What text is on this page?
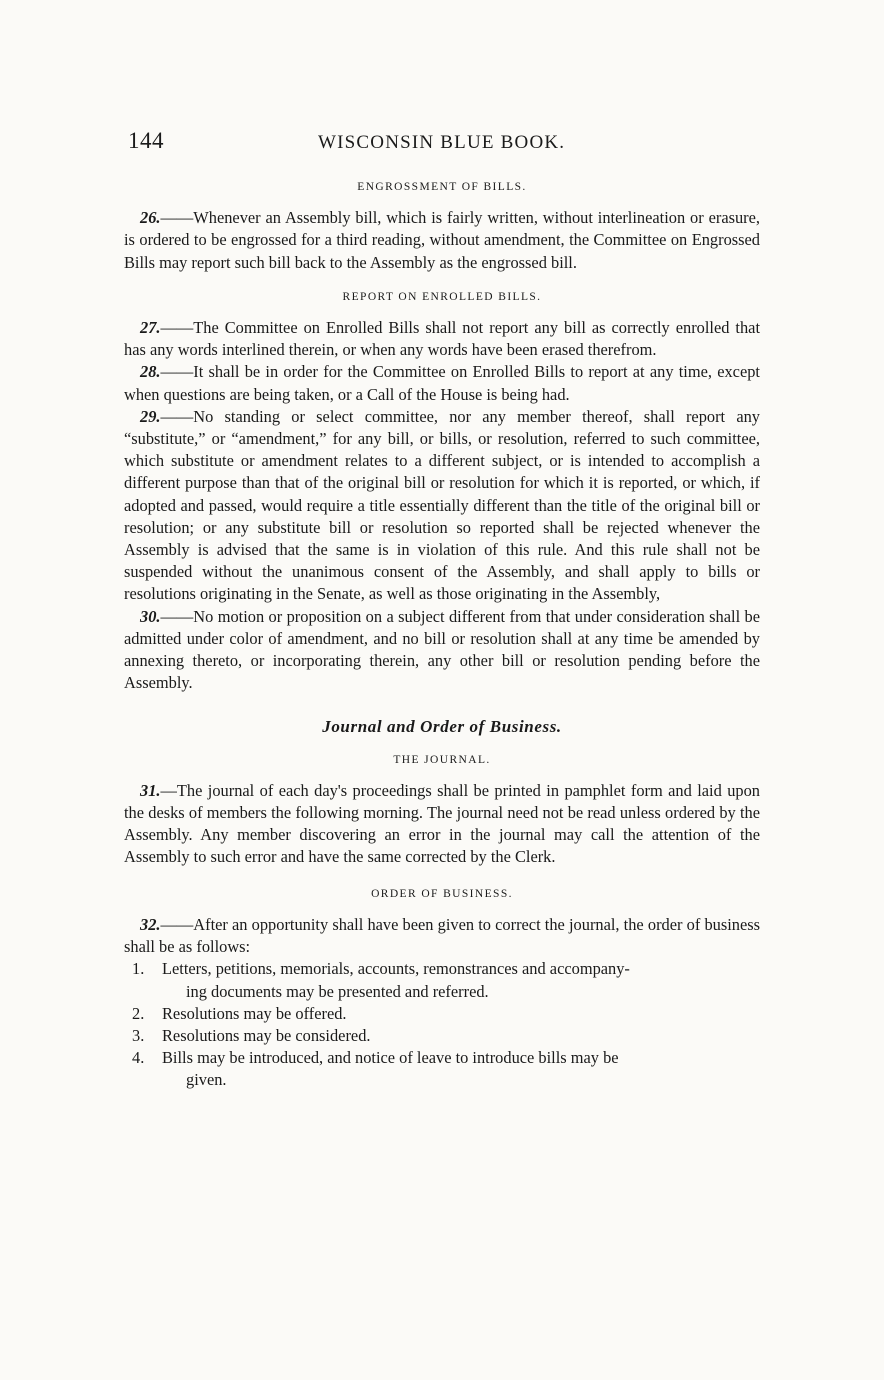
144	WISCONSIN BLUE BOOK.
ENGROSSMENT OF BILLS.

26.——Whenever an Assembly bill, which is fairly written, without interlineation or erasure, is ordered to be engrossed for a third reading, without amendment, the Committee on Engrossed Bills may report such bill back to the Assembly as the engrossed bill.

REPORT ON ENROLLED BILLS.

27.——The Committee on Enrolled Bills shall not report any bill as correctly enrolled that has any words interlined therein, or when any words have been erased therefrom.

28.——It shall be in order for the Committee on Enrolled Bills to report at any time, except when questions are being taken, or a Call of the House is being had.

29.——No standing or select committee, nor any member thereof, shall report any “substitute,” or “amendment,” for any bill, or bills, or resolution, referred to such committee, which substitute or amendment relates to a different subject, or is intended to accomplish a different purpose than that of the original bill or resolution for which it is reported, or which, if adopted and passed, would require a title essentially different than the title of the original bill or resolution; or any substitute bill or resolution so reported shall be rejected whenever the Assembly is advised that the same is in violation of this rule. And this rule shall not be suspended without the unanimous consent of the Assembly, and shall apply to bills or resolutions originating in the Senate, as well as those originating in the Assembly,

30.——No motion or proposition on a subject different from that under consideration shall be admitted under color of amendment, and no bill or resolution shall at any time be amended by annexing thereto, or incorporating therein, any other bill or resolution pending before the Assembly.

Journal and Order of Business.
THE JOURNAL.

31.—The journal of each day's proceedings shall be printed in pamphlet form and laid upon the desks of members the following morning. The journal need not be read unless ordered by the Assembly. Any member discovering an error in the journal may call the attention of the Assembly to such error and have the same corrected by the Clerk.

ORDER OF BUSINESS.

32.——After an opportunity shall have been given to correct the journal, the order of business shall be as follows:

1.	Letters, petitions, memorials, accounts, remonstrances and accompany-
ing documents may be presented and referred.
2.	Resolutions may be offered.
3.	Resolutions may be considered.
4.	Bills may be introduced, and notice of leave to introduce bills may be
given.
